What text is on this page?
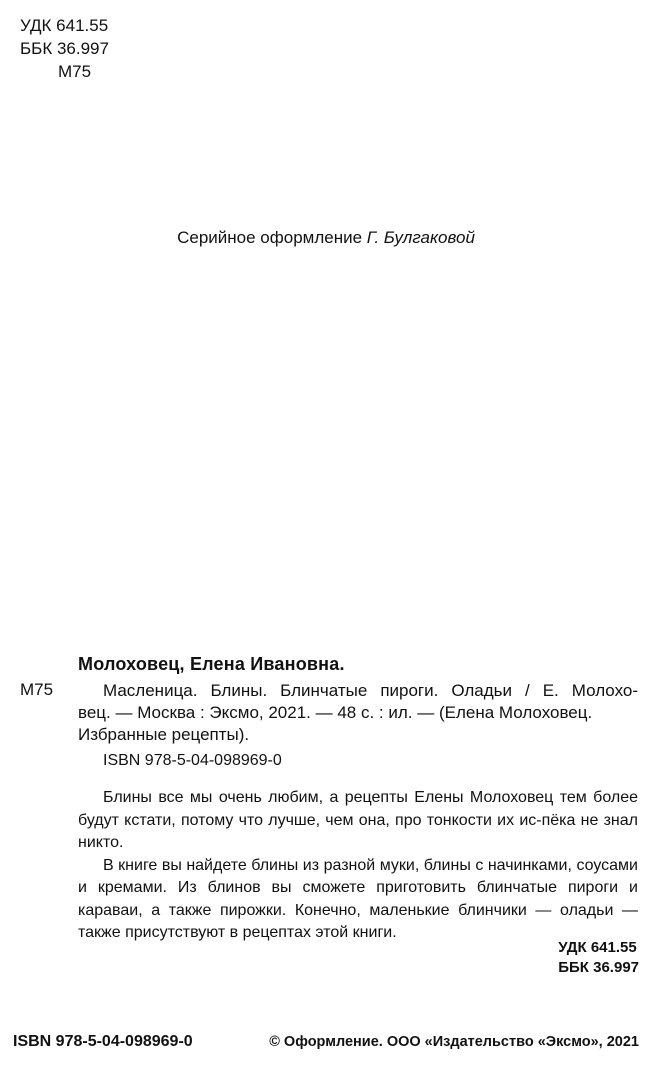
УДК 641.55
ББК 36.997
М75
Серийное оформление Г. Булгаковой
Молоховец, Елена Ивановна.
М75	Масленица. Блины. Блинчатые пироги. Оладьи / Е. Молохо-

вец. — Москва : Эксмо, 2021. — 48 с. : ил. — (Елена Молоховец. Избранные рецепты).

ISBN 978-5-04-098969-0

Блины все мы очень любим, а рецепты Елены Молоховец тем более будут кстати, потому что лучше, чем она, про тонкости их ис-пёка не знал никто.

В книге вы найдете блины из разной муки, блины с начинками, соусами и кремами. Из блинов вы сможете приготовить блинчатые пироги и караваи, а также пирожки. Конечно, маленькие блинчики — оладьи — также присутствуют в рецептах этой книги.

УДК 641.55
ББК 36.997
ISBN 978-5-04-098969-0	© Оформление. ООО «Издательство «Эксмо», 2021
